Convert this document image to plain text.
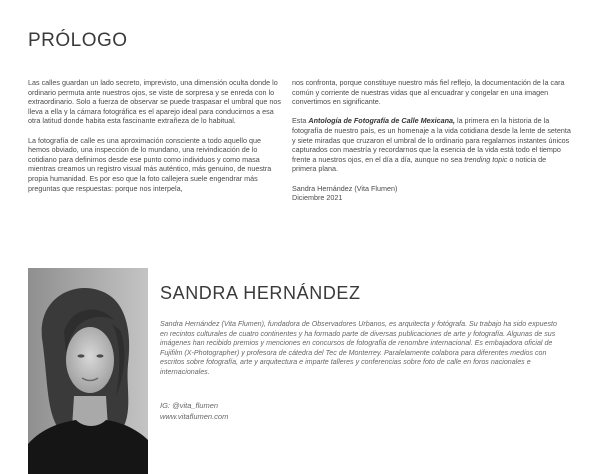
PRÓLOGO

Las calles guardan un lado secreto, imprevisto, una dimensión oculta donde lo ordinario permuta ante nuestros ojos, se viste de sorpresa y se enreda con lo extraordinario. Solo a fuerza de observar se puede traspasar el umbral que nos lleva a ella y la cámara fotográfica es el aparejo ideal para conducirnos a esa otra latitud donde habita esta fascinante extrañeza de lo habitual.

La fotografía de calle es una aproximación consciente a todo aquello que hemos obviado, una inspección de lo mundano, una reivindicación de lo cotidiano para definirnos desde ese punto como individuos y como masa mientras creamos un registro visual más auténtico, más genuino, de nuestra propia humanidad. Es por eso que la foto callejera suele engendrar más preguntas que respuestas: porque nos interpela,

nos confronta, porque constituye nuestro más fiel reflejo, la documentación de la cara común y corriente de nuestras vidas que al encuadrar y congelar en una imagen convertimos en significante.

Esta Antología de Fotografía de Calle Mexicana, la primera en la historia de la fotografía de nuestro país, es un homenaje a la vida cotidiana desde la lente de setenta y siete miradas que cruzaron el umbral de lo ordinario para regalarnos instantes únicos capturados con maestría y recordarnos que la esencia de la vida está todo el tiempo frente a nuestros ojos, en el día a día, aunque no sea trending topic o noticia de primera plana.

Sandra Hernández (Vita Flumen)

Diciembre 2021

SANDRA HERNÁNDEZ

Sandra Hernández (Vita Flumen), fundadora de Observadores Urbanos, es arquitecta y fotógrafa. Su trabajo ha sido expuesto en recintos culturales de cuatro continentes y ha formado parte de diversas publicaciones de arte y fotografía. Algunas de sus imágenes han recibido premios y menciones en concursos de fotografía de renombre internacional. Es embajadora oficial de Fujifilm (X-Photographer) y profesora de cátedra del Tec de Monterrey. Paralelamente colabora para diferentes medios con escritos sobre fotografía, arte y arquitectura e imparte talleres y conferencias sobre foto de calle en foros nacionales e internacionales.

IG: @vita_flumen
www.vitaflumen.com
